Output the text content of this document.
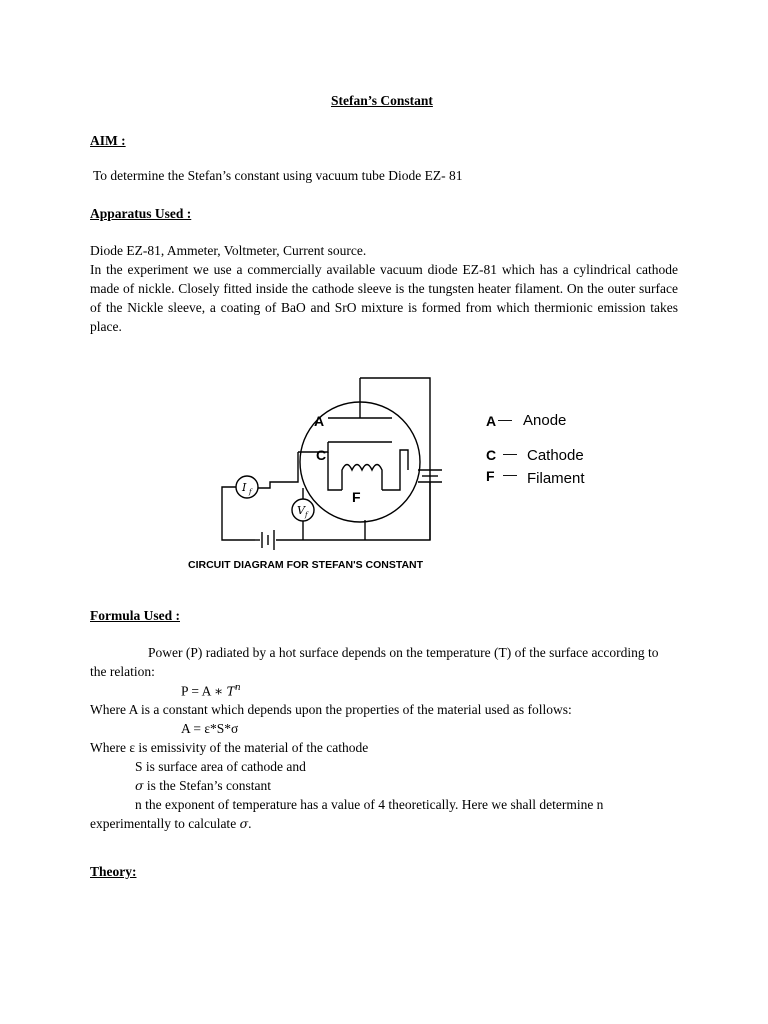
Stefan’s Constant
AIM :
To determine the Stefan’s constant using vacuum tube Diode EZ- 81
Apparatus Used :

Diode EZ-81, Ammeter, Voltmeter, Current source.

In the experiment we use a commercially available vacuum diode EZ-81 which has a cylindrical cathode made of nickle. Closely fitted inside the cathode sleeve is the tungsten heater filament. On the outer surface of the Nickle sleeve, a coating of BaO and SrO mixture is formed from which thermionic emission takes place.

A
C
F
I f
V f
A — Anode
C — Cathode
F — Filament
CIRCUIT DIAGRAM FOR STEFAN'S CONSTANT
Formula Used :
Power (P) radiated by a hot surface depends on the temperature (T) of the surface according to
the relation:
P = A ∗ $T^n$
Where A is a constant which depends upon the properties of the material used as follows:
A = ε*S*σ
Where ε is emissivity of the material of the cathode
S is surface area of cathode and
σ is the Stefan’s constant
n the exponent of temperature has a value of 4 theoretically. Here we shall determine n
experimentally to calculate σ.
Theory:
